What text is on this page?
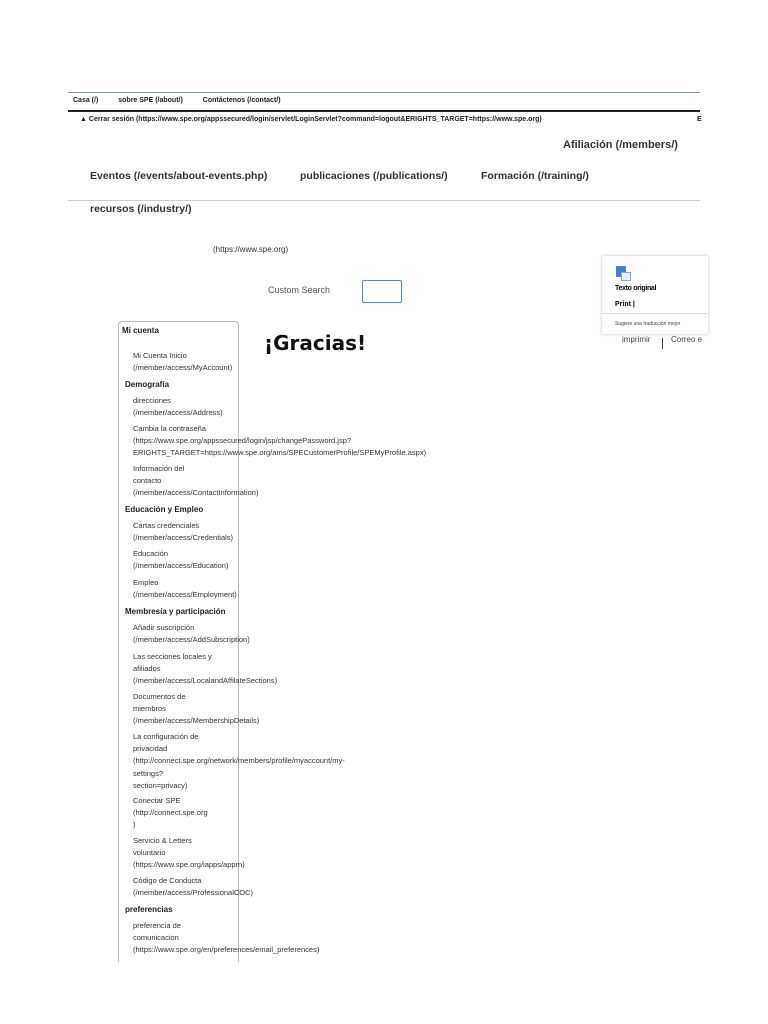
Casa (/)	sobre SPE (/about/)	Contáctenos (/contact/)
▲ Cerrar sesión (https://www.spe.org/appssecured/login/servlet/LoginServlet?command=logout&ERIGHTS_TARGET=https://www.spe.org)	E
Afiliación (/members/)
Eventos (/events/about-events.php)	publicaciones (/publications/)	Formación (/training/)
recursos (/industry/)
(https://www.spe.org)
Custom Search	Texto original
Print |
Sugiere una traducción mejor
¡Gracias!	imprimir	Correo e
Mi cuenta
Mi Cuenta Inicio
(/member/access/MyAccount)
Demografía
direcciones
(/member/access/Address)
Cambia la contraseña
(https://www.spe.org/appssecured/login/jsp/changePassword.jsp?
ERIGHTS_TARGET=https://www.spe.org/ams/SPECustomerProfile/SPEMyProfile.aspx)
Información del
contacto
(/member/access/ContactInformation)
Educación y Empleo
Cartas credenciales
(/member/access/Credentials)
Educación
(/member/access/Education)
Empleo
(/member/access/Employment)
Membresía y participación
Añadir suscripción
(/member/access/AddSubscription)
Las secciones locales y
afiliados
(/member/access/LocalandAffilateSections)
Documentos de
miembros
(/member/access/MembershipDetails)
La configuración de
privacidad
(http://connect.spe.org/network/members/profile/myaccount/my-
settings?
section=privacy)
Conectar SPE
(http://connect.spe.org
)
Servicio & Letters
voluntario
(https://www.spe.org/iapps/apprn)
Código de Conducta
(/member/access/ProfessionalCOC)
preferencias
preferencia de
comunicacion
(https://www.spe.org/en/preferences/email_preferences)
